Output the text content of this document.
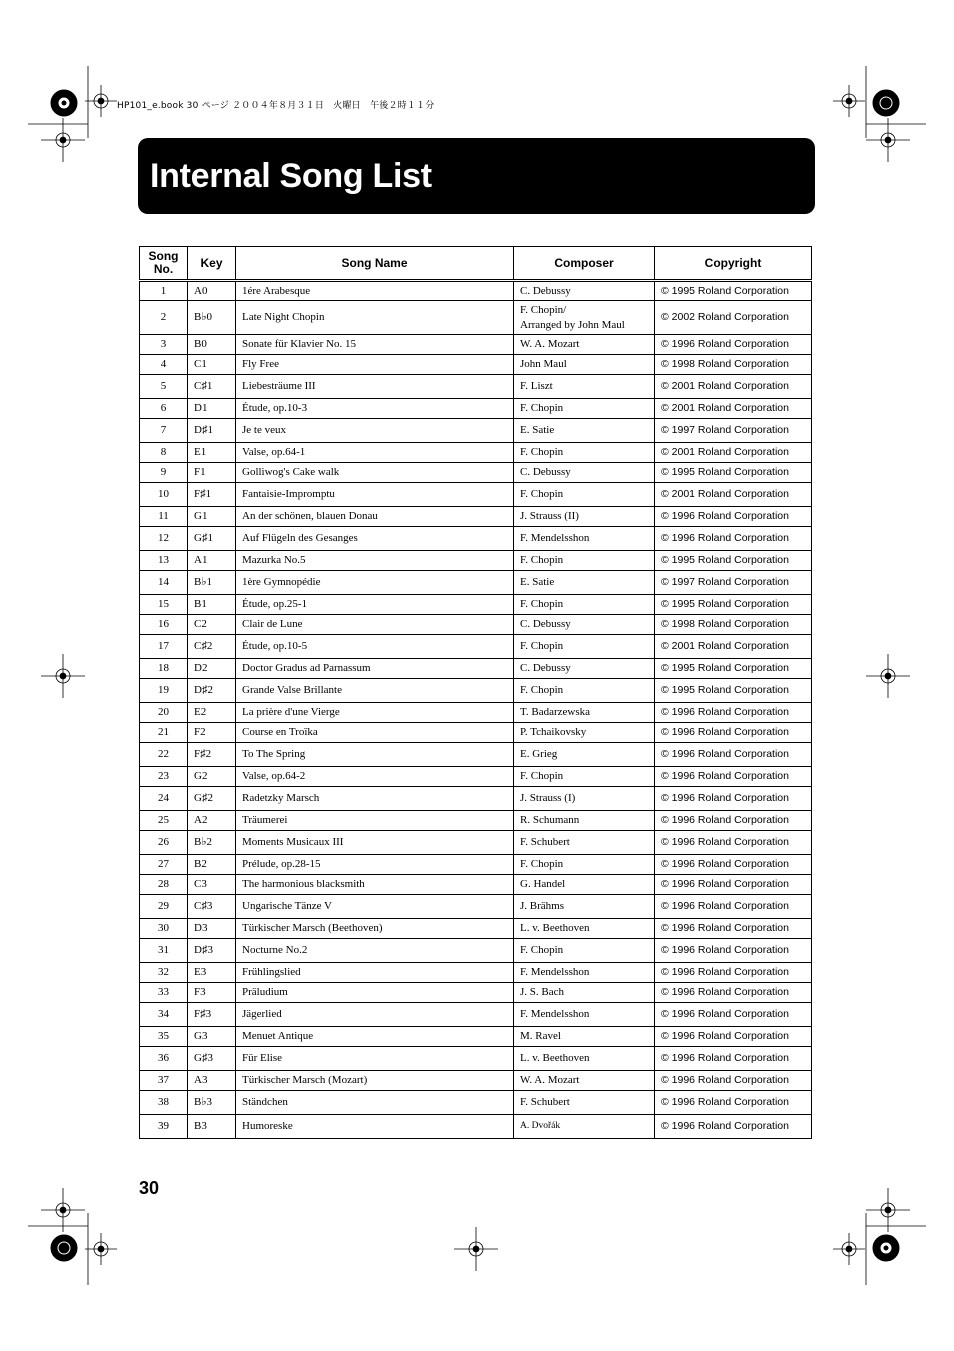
HP101_e.book 30 ページ ２００４年８月３１日　火曜日　午後２時１１分
Internal Song List
Song No.	Key	Song Name	Composer	Copyright
1	A0	1ére Arabesque	C. Debussy	© 1995 Roland Corporation
2	B♭0	Late Night Chopin	F. Chopin/
Arranged by John Maul	© 2002 Roland Corporation
3	B0	Sonate für Klavier No. 15	W. A. Mozart	© 1996 Roland Corporation
4	C1	Fly Free	John Maul	© 1998 Roland Corporation
5	C♯1	Liebesträume III	F. Liszt	© 2001 Roland Corporation
6	D1	Étude, op.10-3	F. Chopin	© 2001 Roland Corporation
7	D♯1	Je te veux	E. Satie	© 1997 Roland Corporation
8	E1	Valse, op.64-1	F. Chopin	© 2001 Roland Corporation
9	F1	Golliwog's Cake walk	C. Debussy	© 1995 Roland Corporation
10	F♯1	Fantaisie-Impromptu	F. Chopin	© 2001 Roland Corporation
11	G1	An der schönen, blauen Donau	J. Strauss (II)	© 1996 Roland Corporation
12	G♯1	Auf Flügeln des Gesanges	F. Mendelsshon	© 1996 Roland Corporation
13	A1	Mazurka No.5	F. Chopin	© 1995 Roland Corporation
14	B♭1	1ère Gymnopédie	E. Satie	© 1997 Roland Corporation
15	B1	Étude, op.25-1	F. Chopin	© 1995 Roland Corporation
16	C2	Clair de Lune	C. Debussy	© 1998 Roland Corporation
17	C♯2	Étude, op.10-5	F. Chopin	© 2001 Roland Corporation
18	D2	Doctor Gradus ad Parnassum	C. Debussy	© 1995 Roland Corporation
19	D♯2	Grande Valse Brillante	F. Chopin	© 1995 Roland Corporation
20	E2	La prière d'une Vierge	T. Badarzewska	© 1996 Roland Corporation
21	F2	Course en Troïka	P. Tchaikovsky	© 1996 Roland Corporation
22	F♯2	To The Spring	E. Grieg	© 1996 Roland Corporation
23	G2	Valse, op.64-2	F. Chopin	© 1996 Roland Corporation
24	G♯2	Radetzky Marsch	J. Strauss (I)	© 1996 Roland Corporation
25	A2	Träumerei	R. Schumann	© 1996 Roland Corporation
26	B♭2	Moments Musicaux III	F. Schubert	© 1996 Roland Corporation
27	B2	Prélude, op.28-15	F. Chopin	© 1996 Roland Corporation
28	C3	The harmonious blacksmith	G. Handel	© 1996 Roland Corporation
29	C♯3	Ungarische Tänze V	J. Brähms	© 1996 Roland Corporation
30	D3	Türkischer Marsch (Beethoven)	L. v. Beethoven	© 1996 Roland Corporation
31	D♯3	Nocturne No.2	F. Chopin	© 1996 Roland Corporation
32	E3	Frühlingslied	F. Mendelsshon	© 1996 Roland Corporation
33	F3	Präludium	J. S. Bach	© 1996 Roland Corporation
34	F♯3	Jägerlied	F. Mendelsshon	© 1996 Roland Corporation
35	G3	Menuet Antique	M. Ravel	© 1996 Roland Corporation
36	G♯3	Für Elise	L. v. Beethoven	© 1996 Roland Corporation
37	A3	Türkischer Marsch (Mozart)	W. A. Mozart	© 1996 Roland Corporation
38	B♭3	Ständchen	F. Schubert	© 1996 Roland Corporation
39	B3	Humoreske	A. Dvořák	© 1996 Roland Corporation
30
